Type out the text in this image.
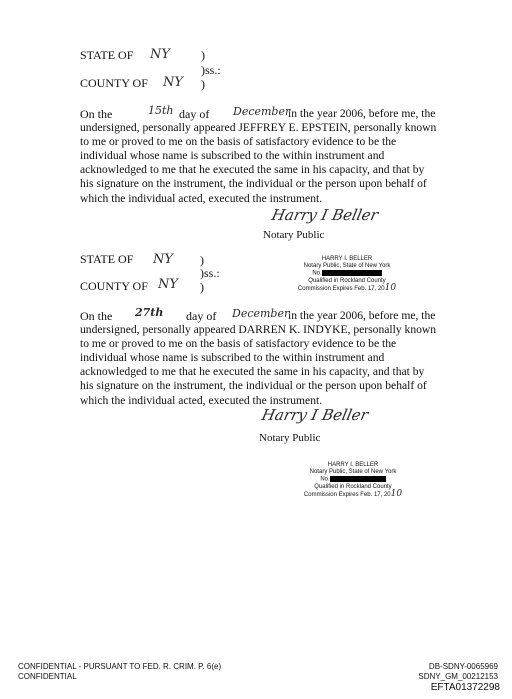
STATE OF NY	)
)ss.:
COUNTY OF NY )
On the	15th day of December
in the year 2006, before me, the
undersigned, personally appeared JEFFREY E. EPSTEIN, personally known
to me or proved to me on the basis of satisfactory evidence to be the
individual whose name is subscribed to the within instrument and
acknowledged to me that he executed the same in his capacity, and that by
his signature on the instrument, the individual or the person upon behalf of
which the individual acted, executed the instrument.
Harry I Beller
Notary Public
STATE OF NY )
)ss.:
COUNTY OF NY )
HARRY I. BELLER
Notary Public, State of New York
No.
Qualified in Rockland County
Commission Expires Feb. 17, 2010
On the 27th day of December
in the year 2006, before me, the
undersigned, personally appeared DARREN K. INDYKE, personally known
to me or proved to me on the basis of satisfactory evidence to be the
individual whose name is subscribed to the within instrument and
acknowledged to me that he executed the same in his capacity, and that by
his signature on the instrument, the individual or the person upon behalf of
which the individual acted, executed the instrument.
Harry I Beller
Notary Public
HARRY I. BELLER
Notary Public, State of New York
No.
Qualified in Rockland County
Commission Expires Feb. 17, 2010
CONFIDENTIAL - PURSUANT TO FED. R. CRIM. P. 6(e)
CONFIDENTIAL
DB-SDNY-0065969
SDNY_GM_00212153
EFTA01372298
